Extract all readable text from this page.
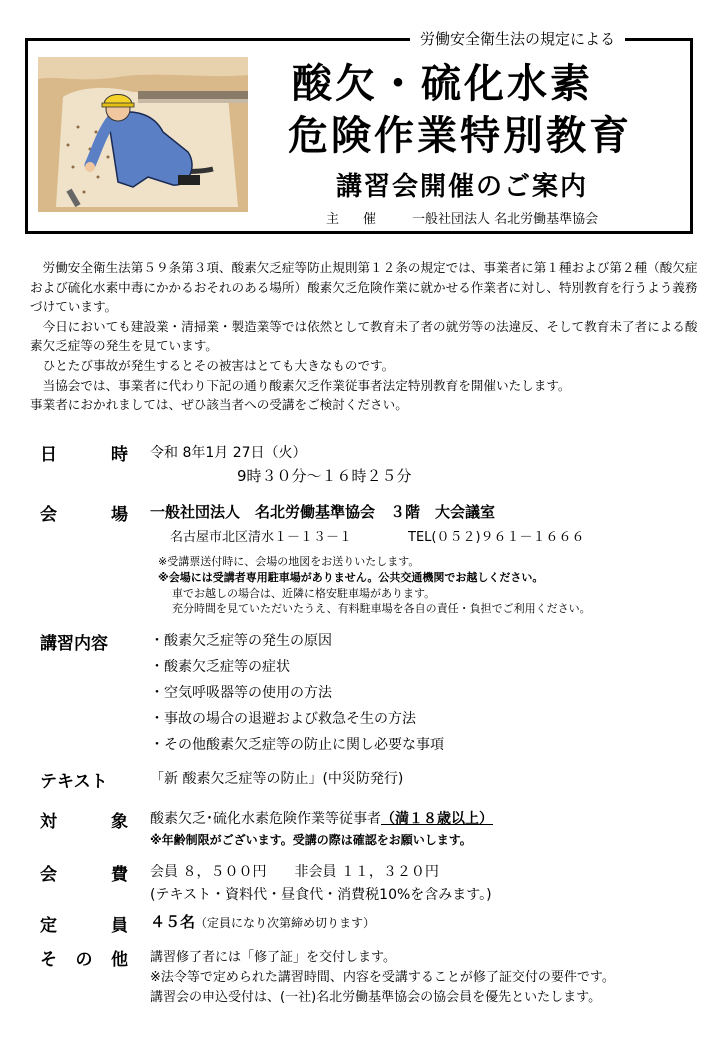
労働安全衛生法の規定による
酸欠・硫化水素
危険作業特別教育
講習会開催のご案内
主催 一般社団法人 名北労働基準協会

　労働安全衛生法第５９条第３項、酸素欠乏症等防止規則第１２条の規定では、事業者に第１種および第２種（酸欠症および硫化水素中毒にかかるおそれのある場所）酸素欠乏危険作業に就かせる作業者に対し、特別教育を行うよう義務づけています。

　今日においても建設業・清掃業・製造業等では依然として教育未了者の就労等の法違反、そして教育未了者による酸素欠乏症等の発生を見ています。

　ひとたび事故が発生するとその被害はとても大きなものです。

　当協会では、事業者に代わり下記の通り酸素欠乏作業従事者法定特別教育を開催いたします。

事業者におかれましては、ぜひ該当者への受講をご検討ください。

日	時 令和 8年1月 27日（火）
9時３０分～１６時２５分
会	場 一般社団法人　名北労働基準協会　３階　大会議室
名古屋市北区清水１－１３－１	TEL(０５２)９６１－１６６６
※受講票送付時に、会場の地図をお送りいたします。
※会場には受講者専用駐車場がありません。公共交通機関でお越しください。
車でお越しの場合は、近隣に格安駐車場があります。
充分時間を見ていただいたうえ、有料駐車場を各自の責任・負担でご利用ください。
講習内容	・酸素欠乏症等の発生の原因
・酸素欠乏症等の症状
・空気呼吸器等の使用の方法
・事故の場合の退避および救急そ生の方法
・その他酸素欠乏症等の防止に関し必要な事項
テキスト	「新 酸素欠乏症等の防止」(中災防発行)
対	象 酸素欠乏･硫化水素危険作業等従事者（満１８歳以上）
※年齢制限がございます。受講の際は確認をお願いします。
会	費 会員 ８，５００円　　非会員 １１，３２０円
(テキスト・資料代・昼食代・消費税10%を含みます。)
定	員 ４５名（定員になり次第締め切ります）
そ の 他 講習修了者には「修了証」を交付します。
※法令等で定められた講習時間、内容を受講することが修了証交付の要件です。
講習会の申込受付は、(一社)名北労働基準協会の協会員を優先といたします。
